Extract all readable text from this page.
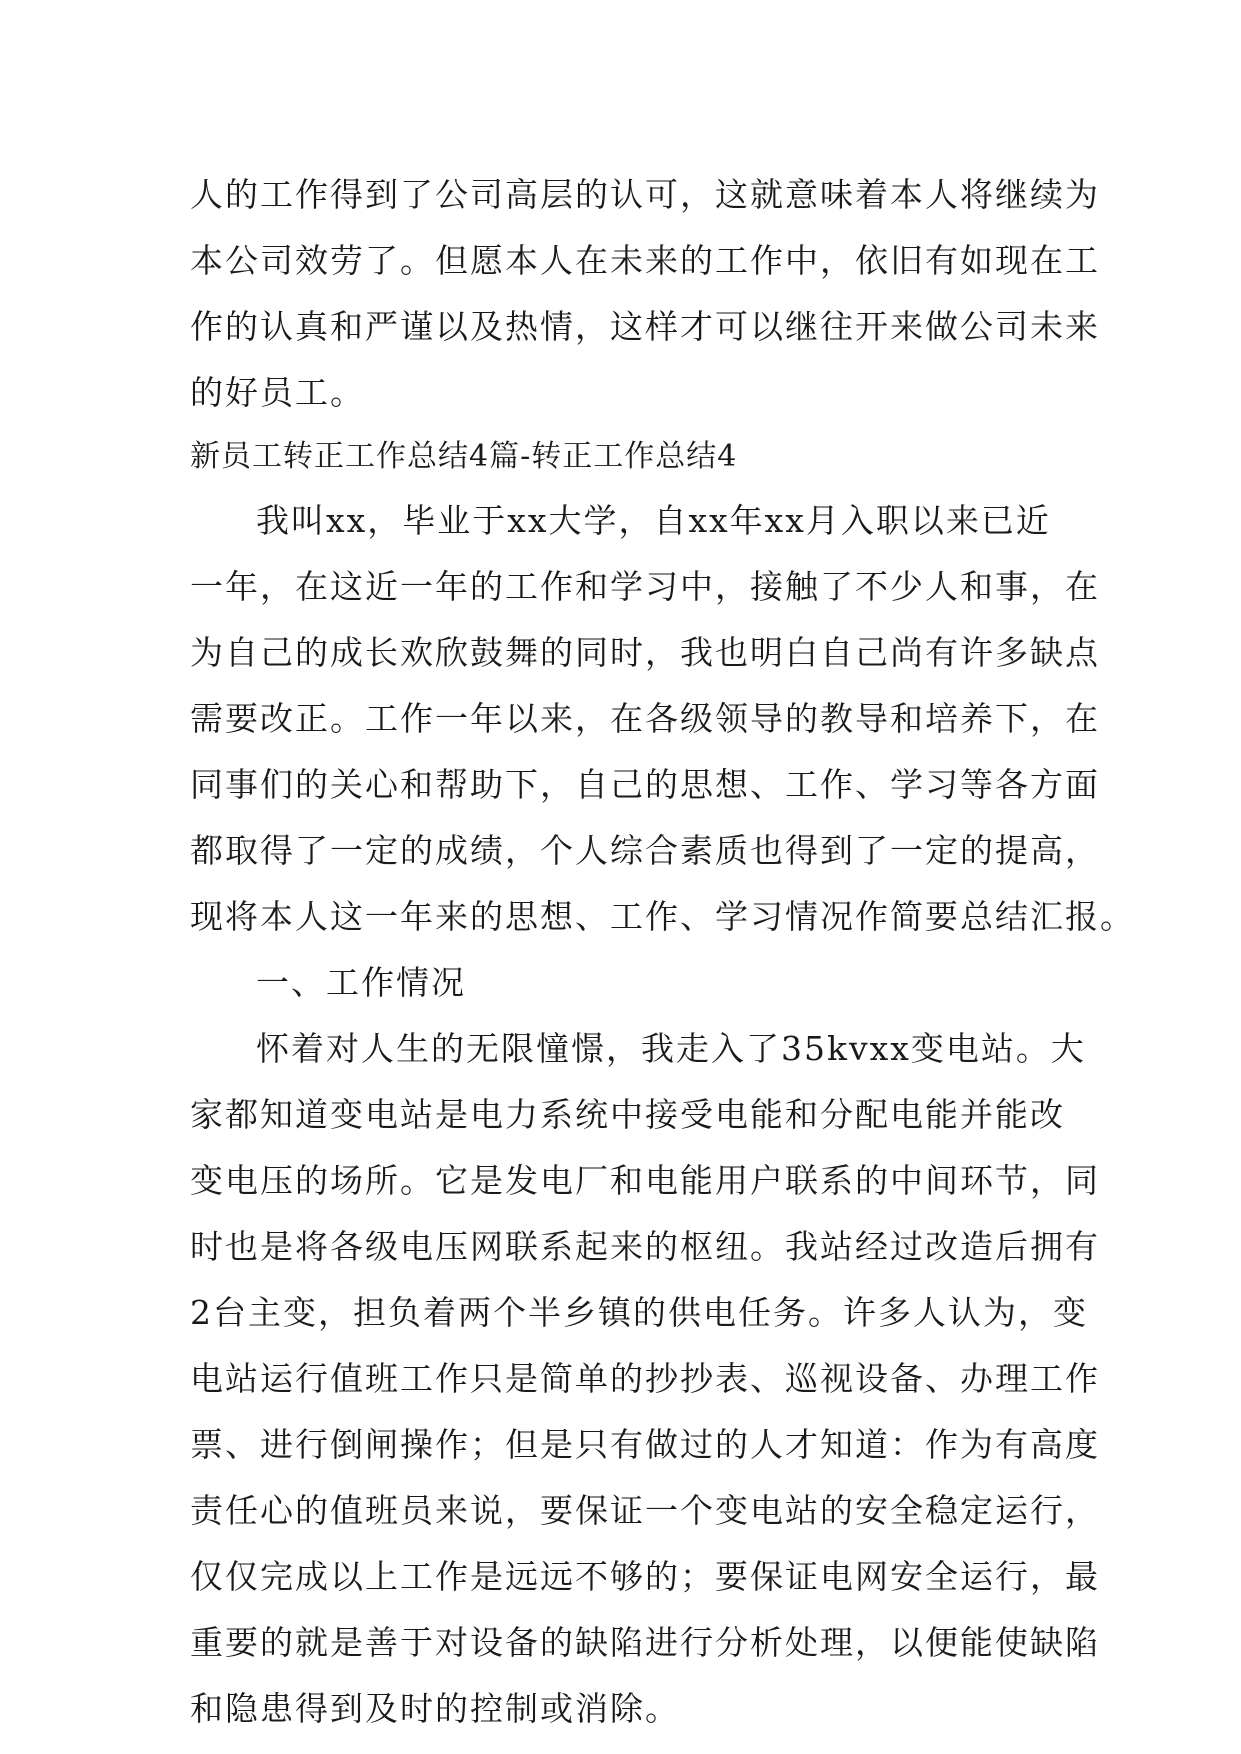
人的工作得到了公司高层的认可，这就意味着本人将继续为
本公司效劳了。但愿本人在未来的工作中，依旧有如现在工
作的认真和严谨以及热情，这样才可以继往开来做公司未来
的好员工。
新员工转正工作总结4篇-转正工作总结4
我叫xx，毕业于xx大学，自xx年xx月入职以来已近
一年，在这近一年的工作和学习中，接触了不少人和事，在
为自己的成长欢欣鼓舞的同时，我也明白自己尚有许多缺点
需要改正。工作一年以来，在各级领导的教导和培养下，在
同事们的关心和帮助下，自己的思想、工作、学习等各方面
都取得了一定的成绩，个人综合素质也得到了一定的提高，
现将本人这一年来的思想、工作、学习情况作简要总结汇报。
一、工作情况
怀着对人生的无限憧憬，我走入了35kvxx变电站。大
家都知道变电站是电力系统中接受电能和分配电能并能改
变电压的场所。它是发电厂和电能用户联系的中间环节，同
时也是将各级电压网联系起来的枢纽。我站经过改造后拥有
2台主变，担负着两个半乡镇的供电任务。许多人认为，变
电站运行值班工作只是简单的抄抄表、巡视设备、办理工作
票、进行倒闸操作；但是只有做过的人才知道：作为有高度
责任心的值班员来说，要保证一个变电站的安全稳定运行，
仅仅完成以上工作是远远不够的；要保证电网安全运行，最
重要的就是善于对设备的缺陷进行分析处理，以便能使缺陷
和隐患得到及时的控制或消除。
